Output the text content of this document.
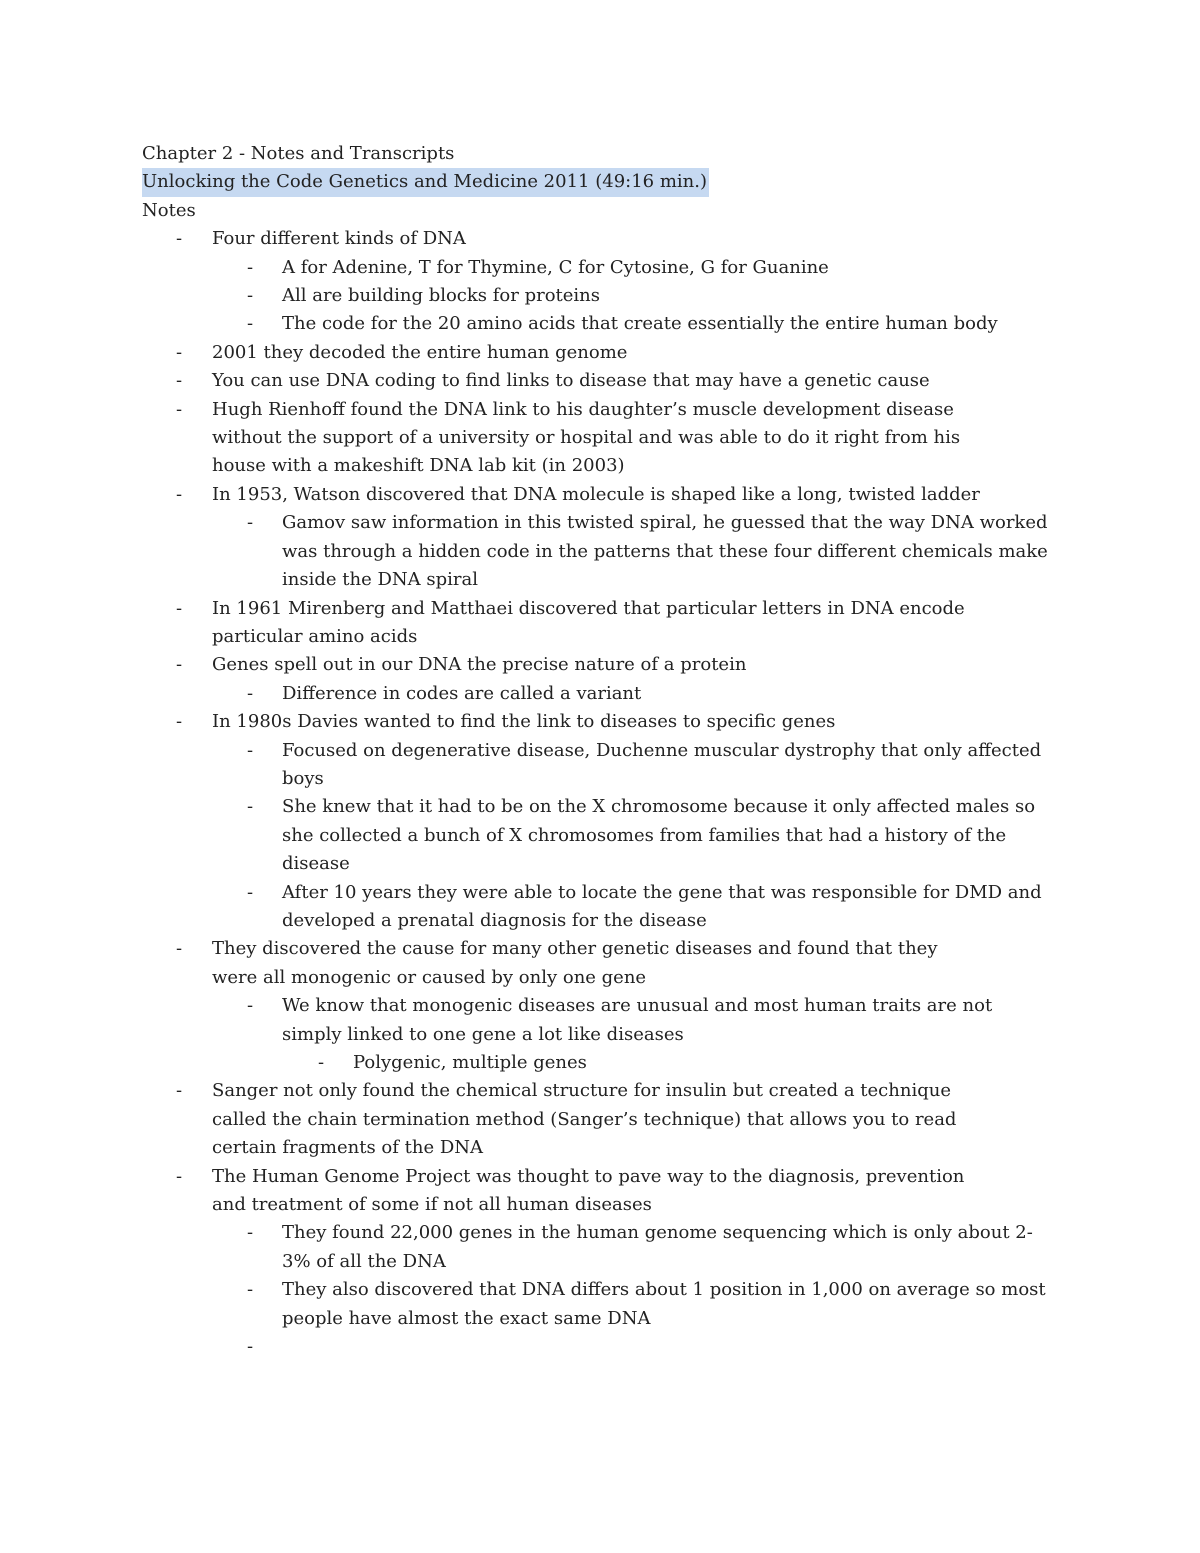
Chapter 2 - Notes and Transcripts
Unlocking the Code Genetics and Medicine 2011 (49:16 min.)
Notes
- Four different kinds of DNA
- A for Adenine, T for Thymine, C for Cytosine, G for Guanine
- All are building blocks for proteins
- The code for the 20 amino acids that create essentially the entire human body
- 2001 they decoded the entire human genome
- You can use DNA coding to find links to disease that may have a genetic cause
- Hugh Rienhoff found the DNA link to his daughter’s muscle development disease without the support of a university or hospital and was able to do it right from his house with a makeshift DNA lab kit (in 2003)
- In 1953, Watson discovered that DNA molecule is shaped like a long, twisted ladder
- Gamov saw information in this twisted spiral, he guessed that the way DNA worked was through a hidden code in the patterns that these four different chemicals make inside the DNA spiral
- In 1961 Mirenberg and Matthaei discovered that particular letters in DNA encode particular amino acids
- Genes spell out in our DNA the precise nature of a protein
- Difference in codes are called a variant
- In 1980s Davies wanted to find the link to diseases to specific genes
- Focused on degenerative disease, Duchenne muscular dystrophy that only affected boys
- She knew that it had to be on the X chromosome because it only affected males so she collected a bunch of X chromosomes from families that had a history of the disease
- After 10 years they were able to locate the gene that was responsible for DMD and developed a prenatal diagnosis for the disease
- They discovered the cause for many other genetic diseases and found that they were all monogenic or caused by only one gene
- We know that monogenic diseases are unusual and most human traits are not simply linked to one gene a lot like diseases
- Polygenic, multiple genes
- Sanger not only found the chemical structure for insulin but created a technique called the chain termination method (Sanger’s technique) that allows you to read certain fragments of the DNA
- The Human Genome Project was thought to pave way to the diagnosis, prevention and treatment of some if not all human diseases
- They found 22,000 genes in the human genome sequencing which is only about 2-3% of all the DNA
- They also discovered that DNA differs about 1 position in 1,000 on average so most people have almost the exact same DNA
-
